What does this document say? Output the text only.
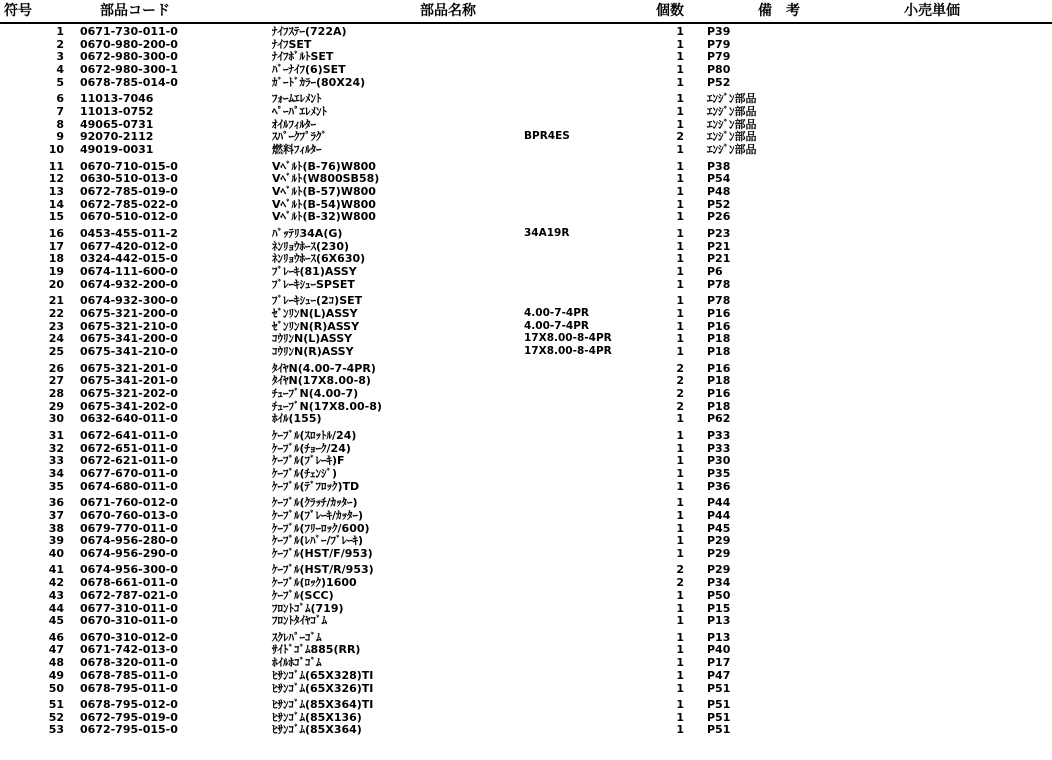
符号	部品コード	部品名称	個数	備　考	小売単価
1 0671-730-011-0	ﾅｲﾌｽﾃｰ(722A)	1 P39
2 0670-980-200-0	ﾅｲﾌSET	1 P79
3 0672-980-300-0	ﾅｲﾌﾎﾞﾙﾄSET	1 P79
4 0672-980-300-1	ﾊﾞｰﾅｲﾌ(6)SET	1 P80
5 0678-785-014-0	ｶﾞｰﾄﾞｶﾗｰ(80X24)	1 P52
6 11013-7046	ﾌｫｰﾑｴﾚﾒﾝﾄ	1 ｴﾝｼﾞﾝ部品
7 11013-0752	ﾍﾟｰﾊﾟｴﾚﾒﾝﾄ	1 ｴﾝｼﾞﾝ部品
8 49065-0731	ｵｲﾙﾌｨﾙﾀｰ	1 ｴﾝｼﾞﾝ部品
9 92070-2112	ｽﾊﾟｰｸﾌﾟﾗｸﾞ	BPR4ES	2 ｴﾝｼﾞﾝ部品
10 49019-0031	燃料ﾌｨﾙﾀｰ	1 ｴﾝｼﾞﾝ部品
11 0670-710-015-0	Vﾍﾞﾙﾄ(B-76)W800	1 P38
12 0630-510-013-0	Vﾍﾞﾙﾄ(W800SB58)	1 P54
13 0672-785-019-0	Vﾍﾞﾙﾄ(B-57)W800	1 P48
14 0672-785-022-0	Vﾍﾞﾙﾄ(B-54)W800	1 P52
15 0670-510-012-0	Vﾍﾞﾙﾄ(B-32)W800	1 P26
16 0453-455-011-2	ﾊﾞｯﾃﾘ34A(G)	34A19R	1 P23
17 0677-420-012-0	ﾈﾝﾘｮｳﾎｰｽ(230)	1 P21
18 0324-442-015-0	ﾈﾝﾘｮｳﾎｰｽ(6X630)	1 P21
19 0674-111-600-0	ﾌﾞﾚｰｷ(81)ASSY	1 P6
20 0674-932-200-0	ﾌﾞﾚｰｷｼｭｰSPSET	1 P78
21 0674-932-300-0	ﾌﾞﾚｰｷｼｭｰ(2ｺ)SET	1 P78
22 0675-321-200-0	ｾﾞﾝﾘﾝN(L)ASSY	4.00-7-4PR	1 P16
23 0675-321-210-0	ｾﾞﾝﾘﾝN(R)ASSY	4.00-7-4PR	1 P16
24 0675-341-200-0	ｺｳﾘﾝN(L)ASSY	17X8.00-8-4PR	1 P18
25 0675-341-210-0	ｺｳﾘﾝN(R)ASSY	17X8.00-8-4PR	1 P18
26 0675-321-201-0	ﾀｲﾔN(4.00-7-4PR)	2 P16
27 0675-341-201-0	ﾀｲﾔN(17X8.00-8)	2 P18
28 0675-321-202-0	ﾁｭｰﾌﾞN(4.00-7)	2 P16
29 0675-341-202-0	ﾁｭｰﾌﾞN(17X8.00-8)	2 P18
30 0632-640-011-0	ﾎｲﾙ(155)	1 P62
31 0672-641-011-0	ｹｰﾌﾞﾙ(ｽﾛｯﾄﾙ/24)	1 P33
32 0672-651-011-0	ｹｰﾌﾞﾙ(ﾁｮｰｸ/24)	1 P33
33 0672-621-011-0	ｹｰﾌﾞﾙ(ﾌﾞﾚｰｷ)F	1 P30
34 0677-670-011-0	ｹｰﾌﾞﾙ(ﾁｪﾝｼﾞ)	1 P35
35 0674-680-011-0	ｹｰﾌﾞﾙ(ﾃﾞﾌﾛｯｸ)TD	1 P36
36 0671-760-012-0	ｹｰﾌﾞﾙ(ｸﾗｯﾁ/ｶｯﾀｰ)	1 P44
37 0670-760-013-0	ｹｰﾌﾞﾙ(ﾌﾞﾚｰｷ/ｶｯﾀｰ)	1 P44
38 0679-770-011-0	ｹｰﾌﾞﾙ(ﾌﾘｰﾛｯｸ/600)	1 P45
39 0674-956-280-0	ｹｰﾌﾞﾙ(ﾚﾊﾞｰ/ﾌﾞﾚｰｷ)	1 P29
40 0674-956-290-0	ｹｰﾌﾞﾙ(HST/F/953)	1 P29
41 0674-956-300-0	ｹｰﾌﾞﾙ(HST/R/953)	2 P29
42 0678-661-011-0	ｹｰﾌﾞﾙ(ﾛｯｸ)1600	2 P34
43 0672-787-021-0	ｹｰﾌﾞﾙ(SCC)	1 P50
44 0677-310-011-0	ﾌﾛﾝﾄｺﾞﾑ(719)	1 P15
45 0670-310-011-0	ﾌﾛﾝﾄﾀｲﾔｺﾞﾑ	1 P13
46 0670-310-012-0	ｽｸﾚﾊﾟｰｺﾞﾑ	1 P13
47 0671-742-013-0	ｻｲﾄﾞｺﾞﾑ885(RR)	1 P40
48 0678-320-011-0	ﾎｲﾙﾎｺﾞｺﾞﾑ	1 P17
49 0678-785-011-0	ﾋｻﾝｺﾞﾑ(65X328)TI	1 P47
50 0678-795-011-0	ﾋｻﾝｺﾞﾑ(65X326)TI	1 P51
51 0678-795-012-0	ﾋｻﾝｺﾞﾑ(85X364)TI	1 P51
52 0672-795-019-0	ﾋｻﾝｺﾞﾑ(85X136)	1 P51
53 0672-795-015-0	ﾋｻﾝｺﾞﾑ(85X364)	1 P51
